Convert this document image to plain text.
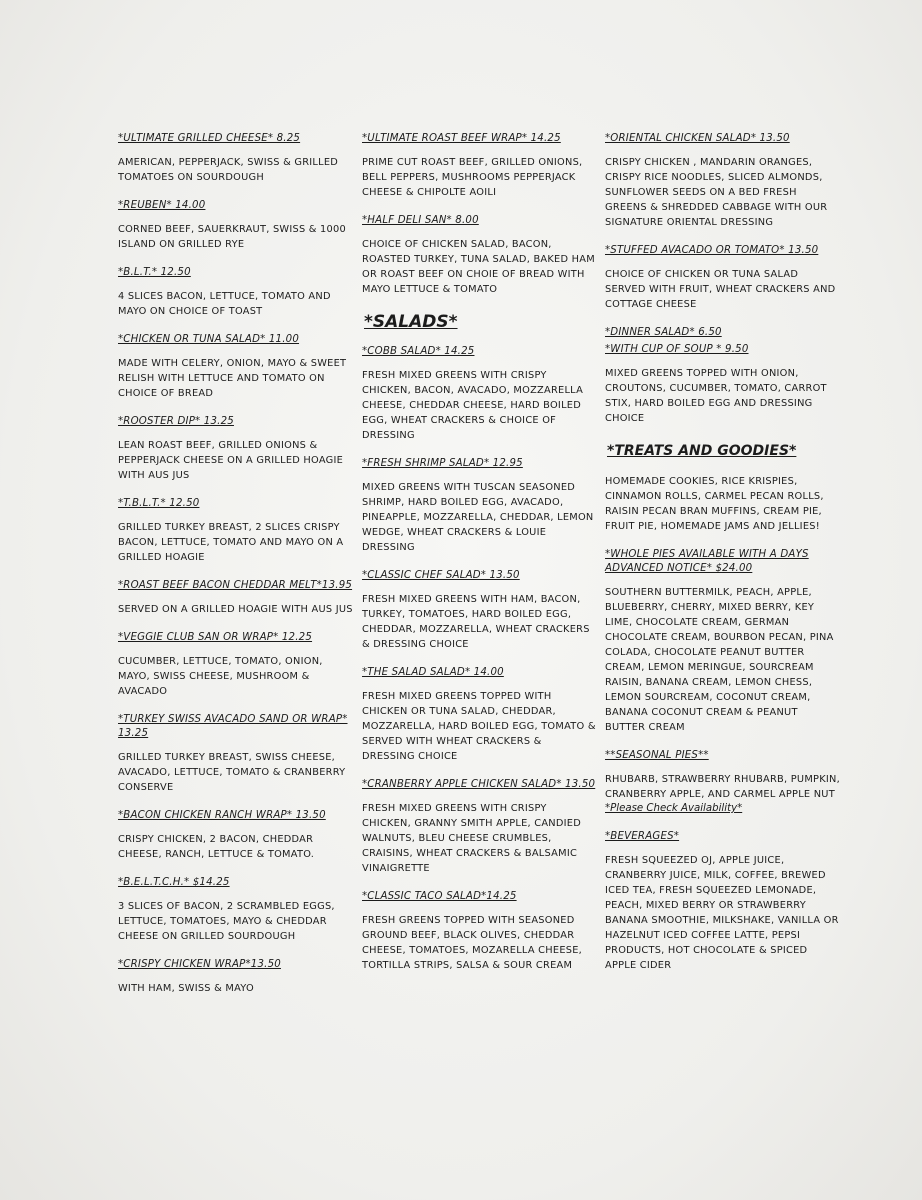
*ULTIMATE GRILLED CHEESE* 8.25
AMERICAN, PEPPERJACK, SWISS & GRILLED TOMATOES ON SOURDOUGH
*REUBEN* 14.00
CORNED BEEF, SAUERKRAUT, SWISS & 1000 ISLAND ON GRILLED RYE
*B.L.T.* 12.50
4 SLICES BACON, LETTUCE, TOMATO AND MAYO ON CHOICE OF TOAST
*CHICKEN OR TUNA SALAD* 11.00
MADE WITH CELERY, ONION, MAYO & SWEET RELISH WITH LETTUCE AND TOMATO ON CHOICE OF BREAD
*ROOSTER DIP* 13.25
LEAN ROAST BEEF, GRILLED ONIONS & PEPPERJACK CHEESE ON A GRILLED HOAGIE WITH AUS JUS
*T.B.L.T.* 12.50
GRILLED TURKEY BREAST, 2 SLICES CRISPY BACON, LETTUCE, TOMATO AND MAYO ON A GRILLED HOAGIE
*ROAST BEEF BACON CHEDDAR MELT*13.95
SERVED ON A GRILLED HOAGIE WITH AUS JUS
*VEGGIE CLUB SAN OR WRAP* 12.25
CUCUMBER, LETTUCE, TOMATO, ONION, MAYO, SWISS CHEESE, MUSHROOM & AVACADO
*TURKEY SWISS AVACADO SAND OR WRAP* 13.25
GRILLED TURKEY BREAST, SWISS CHEESE, AVACADO, LETTUCE, TOMATO & CRANBERRY CONSERVE
*BACON CHICKEN RANCH WRAP* 13.50
CRISPY CHICKEN, 2 BACON, CHEDDAR CHEESE, RANCH, LETTUCE & TOMATO.
*B.E.L.T.C.H.* $14.25
3 SLICES OF BACON, 2 SCRAMBLED EGGS, LETTUCE, TOMATOES, MAYO & CHEDDAR CHEESE ON GRILLED SOURDOUGH
*CRISPY CHICKEN WRAP*13.50
WITH HAM, SWISS & MAYO
*ULTIMATE ROAST BEEF WRAP* 14.25
PRIME CUT ROAST BEEF, GRILLED ONIONS, BELL PEPPERS, MUSHROOMS PEPPERJACK CHEESE & CHIPOLTE AOILI
*HALF DELI SAN* 8.00
CHOICE OF CHICKEN SALAD, BACON, ROASTED TURKEY, TUNA SALAD, BAKED HAM OR ROAST BEEF ON CHOIE OF BREAD WITH MAYO LETTUCE & TOMATO
*SALADS*
*COBB SALAD* 14.25
FRESH MIXED GREENS WITH CRISPY CHICKEN, BACON, AVACADO, MOZZARELLA CHEESE, CHEDDAR CHEESE, HARD BOILED EGG, WHEAT CRACKERS & CHOICE OF DRESSING
*FRESH SHRIMP SALAD* 12.95
MIXED GREENS WITH TUSCAN SEASONED SHRIMP, HARD BOILED EGG, AVACADO, PINEAPPLE, MOZZARELLA, CHEDDAR, LEMON WEDGE, WHEAT CRACKERS & LOUIE DRESSING
*CLASSIC CHEF SALAD* 13.50
FRESH MIXED GREENS WITH HAM, BACON, TURKEY, TOMATOES, HARD BOILED EGG, CHEDDAR, MOZZARELLA, WHEAT CRACKERS & DRESSING CHOICE
*THE SALAD SALAD* 14.00
FRESH MIXED GREENS TOPPED WITH CHICKEN OR TUNA SALAD, CHEDDAR, MOZZARELLA, HARD BOILED EGG, TOMATO & SERVED WITH WHEAT CRACKERS & DRESSING CHOICE
*CRANBERRY APPLE CHICKEN SALAD* 13.50
FRESH MIXED GREENS WITH CRISPY CHICKEN, GRANNY SMITH APPLE, CANDIED WALNUTS, BLEU CHEESE CRUMBLES, CRAISINS, WHEAT CRACKERS & BALSAMIC VINAIGRETTE
*CLASSIC TACO SALAD*14.25
FRESH GREENS TOPPED WITH SEASONED GROUND BEEF, BLACK OLIVES, CHEDDAR CHEESE, TOMATOES, MOZARELLA CHEESE, TORTILLA STRIPS, SALSA & SOUR CREAM
*ORIENTAL CHICKEN SALAD* 13.50
CRISPY CHICKEN , MANDARIN ORANGES, CRISPY RICE NOODLES, SLICED ALMONDS, SUNFLOWER SEEDS ON A BED FRESH GREENS & SHREDDED CABBAGE WITH OUR SIGNATURE ORIENTAL DRESSING
*STUFFED AVACADO OR TOMATO* 13.50
CHOICE OF CHICKEN OR TUNA SALAD SERVED WITH FRUIT, WHEAT CRACKERS AND COTTAGE CHEESE
*DINNER SALAD* 6.50
*WITH CUP OF SOUP * 9.50
MIXED GREENS TOPPED WITH ONION, CROUTONS, CUCUMBER, TOMATO, CARROT STIX, HARD BOILED EGG AND DRESSING CHOICE
*TREATS AND GOODIES*
HOMEMADE COOKIES, RICE KRISPIES, CINNAMON ROLLS, CARMEL PECAN ROLLS, RAISIN PECAN BRAN MUFFINS, CREAM PIE, FRUIT PIE, HOMEMADE JAMS AND JELLIES!
*WHOLE PIES AVAILABLE WITH A DAYS ADVANCED NOTICE* $24.00
SOUTHERN BUTTERMILK, PEACH, APPLE, BLUEBERRY, CHERRY, MIXED BERRY, KEY LIME, CHOCOLATE CREAM, GERMAN CHOCOLATE CREAM, BOURBON PECAN, PINA COLADA, CHOCOLATE PEANUT BUTTER CREAM, LEMON MERINGUE, SOURCREAM RAISIN, BANANA CREAM, LEMON CHESS, LEMON SOURCREAM, COCONUT CREAM, BANANA COCONUT CREAM & PEANUT BUTTER CREAM
**SEASONAL PIES**
RHUBARB, STRAWBERRY RHUBARB, PUMPKIN, CRANBERRY APPLE, AND CARMEL APPLE NUT
*Please Check Availability*
*BEVERAGES*
FRESH SQUEEZED OJ, APPLE JUICE, CRANBERRY JUICE, MILK, COFFEE, BREWED ICED TEA, FRESH SQUEEZED LEMONADE, PEACH, MIXED BERRY OR STRAWBERRY BANANA SMOOTHIE, MILKSHAKE, VANILLA OR HAZELNUT ICED COFFEE LATTE, PEPSI PRODUCTS, HOT CHOCOLATE & SPICED APPLE CIDER
